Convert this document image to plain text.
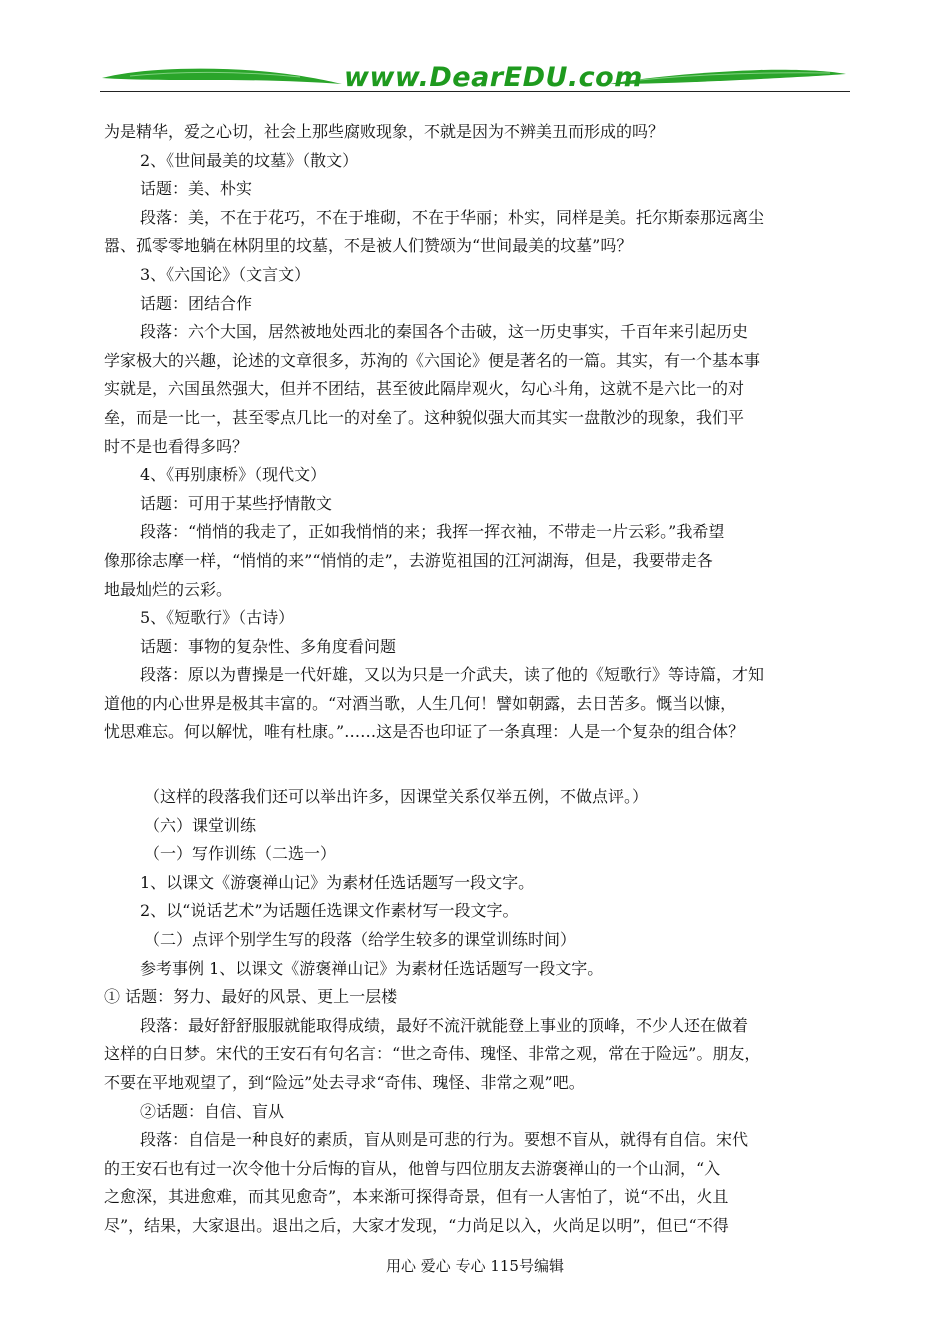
www.DearEDU.com
为是精华，爱之心切，社会上那些腐败现象，不就是因为不辨美丑而形成的吗？
2、《世间最美的坟墓》（散文）
话题：美、朴实
段落：美，不在于花巧，不在于堆砌，不在于华丽；朴实，同样是美。托尔斯泰那远离尘
嚣、孤零零地躺在林阴里的坟墓，不是被人们赞颂为“世间最美的坟墓”吗？
3、《六国论》（文言文）
话题：团结合作
段落：六个大国，居然被地处西北的秦国各个击破，这一历史事实，千百年来引起历史
学家极大的兴趣，论述的文章很多，苏洵的《六国论》便是著名的一篇。其实，有一个基本事
实就是，六国虽然强大，但并不团结，甚至彼此隔岸观火，勾心斗角，这就不是六比一的对
垒，而是一比一，甚至零点几比一的对垒了。这种貌似强大而其实一盘散沙的现象，我们平
时不是也看得多吗？
4、《再别康桥》（现代文）
话题：可用于某些抒情散文
段落：“悄悄的我走了，正如我悄悄的来；我挥一挥衣袖，不带走一片云彩。”我希望
像那徐志摩一样，“悄悄的来”“悄悄的走”，去游览祖国的江河湖海，但是，我要带走各
地最灿烂的云彩。
5、《短歌行》（古诗）
话题：事物的复杂性、多角度看问题
段落：原以为曹操是一代奸雄，又以为只是一介武夫，读了他的《短歌行》等诗篇，才知
道他的内心世界是极其丰富的。“对酒当歌，人生几何！譬如朝露，去日苦多。慨当以慷，
忧思难忘。何以解忧，唯有杜康。”……这是否也印证了一条真理：人是一个复杂的组合体？
（这样的段落我们还可以举出许多，因课堂关系仅举五例，不做点评。）
（六）课堂训练
（一）写作训练（二选一）
1、以课文《游褒禅山记》为素材任选话题写一段文字。
2、以“说话艺术”为话题任选课文作素材写一段文字。
（二）点评个别学生写的段落（给学生较多的课堂训练时间）
参考事例 1、以课文《游褒禅山记》为素材任选话题写一段文字。
① 话题：努力、最好的风景、更上一层楼
段落：最好舒舒服服就能取得成绩，最好不流汗就能登上事业的顶峰，不少人还在做着
这样的白日梦。宋代的王安石有句名言：“世之奇伟、瑰怪、非常之观，常在于险远”。朋友，
不要在平地观望了，到“险远”处去寻求“奇伟、瑰怪、非常之观”吧。
②话题：自信、盲从
段落：自信是一种良好的素质，盲从则是可悲的行为。要想不盲从，就得有自信。宋代
的王安石也有过一次令他十分后悔的盲从，他曾与四位朋友去游褒禅山的一个山洞，“入
之愈深，其进愈难，而其见愈奇”，本来渐可探得奇景，但有一人害怕了，说“不出，火且
尽”，结果，大家退出。退出之后，大家才发现，“力尚足以入，火尚足以明”，但已“不得
用心 爱心 专心 115号编辑
